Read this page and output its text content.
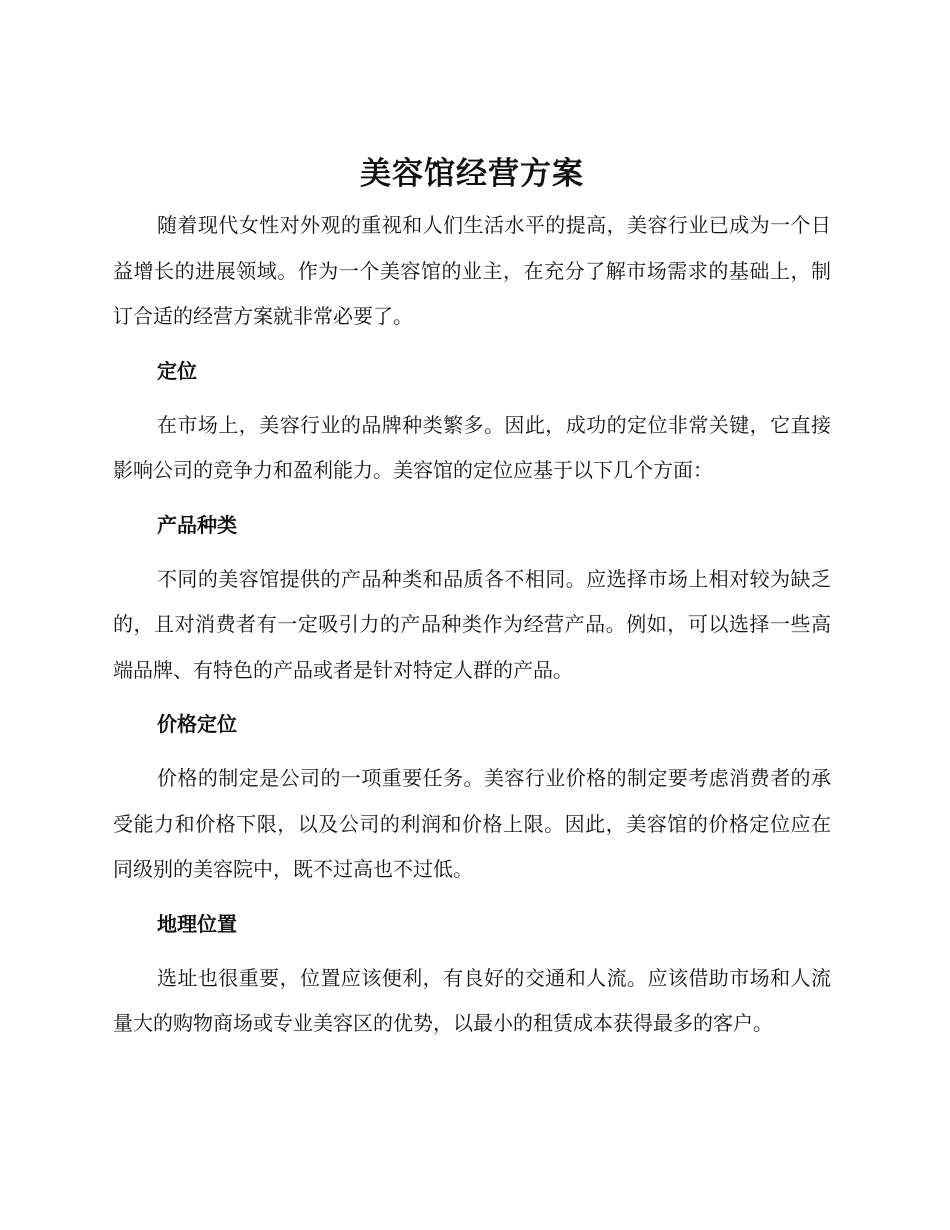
美容馆经营方案

随着现代女性对外观的重视和人们生活水平的提高，美容行业已成为一个日益增长的进展领域。作为一个美容馆的业主，在充分了解市场需求的基础上，制订合适的经营方案就非常必要了。

定位

在市场上，美容行业的品牌种类繁多。因此，成功的定位非常关键，它直接影响公司的竞争力和盈利能力。美容馆的定位应基于以下几个方面：

产品种类

不同的美容馆提供的产品种类和品质各不相同。应选择市场上相对较为缺乏的，且对消费者有一定吸引力的产品种类作为经营产品。例如，可以选择一些高端品牌、有特色的产品或者是针对特定人群的产品。

价格定位

价格的制定是公司的一项重要任务。美容行业价格的制定要考虑消费者的承受能力和价格下限，以及公司的利润和价格上限。因此，美容馆的价格定位应在同级别的美容院中，既不过高也不过低。

地理位置

选址也很重要，位置应该便利，有良好的交通和人流。应该借助市场和人流量大的购物商场或专业美容区的优势，以最小的租赁成本获得最多的客户。
